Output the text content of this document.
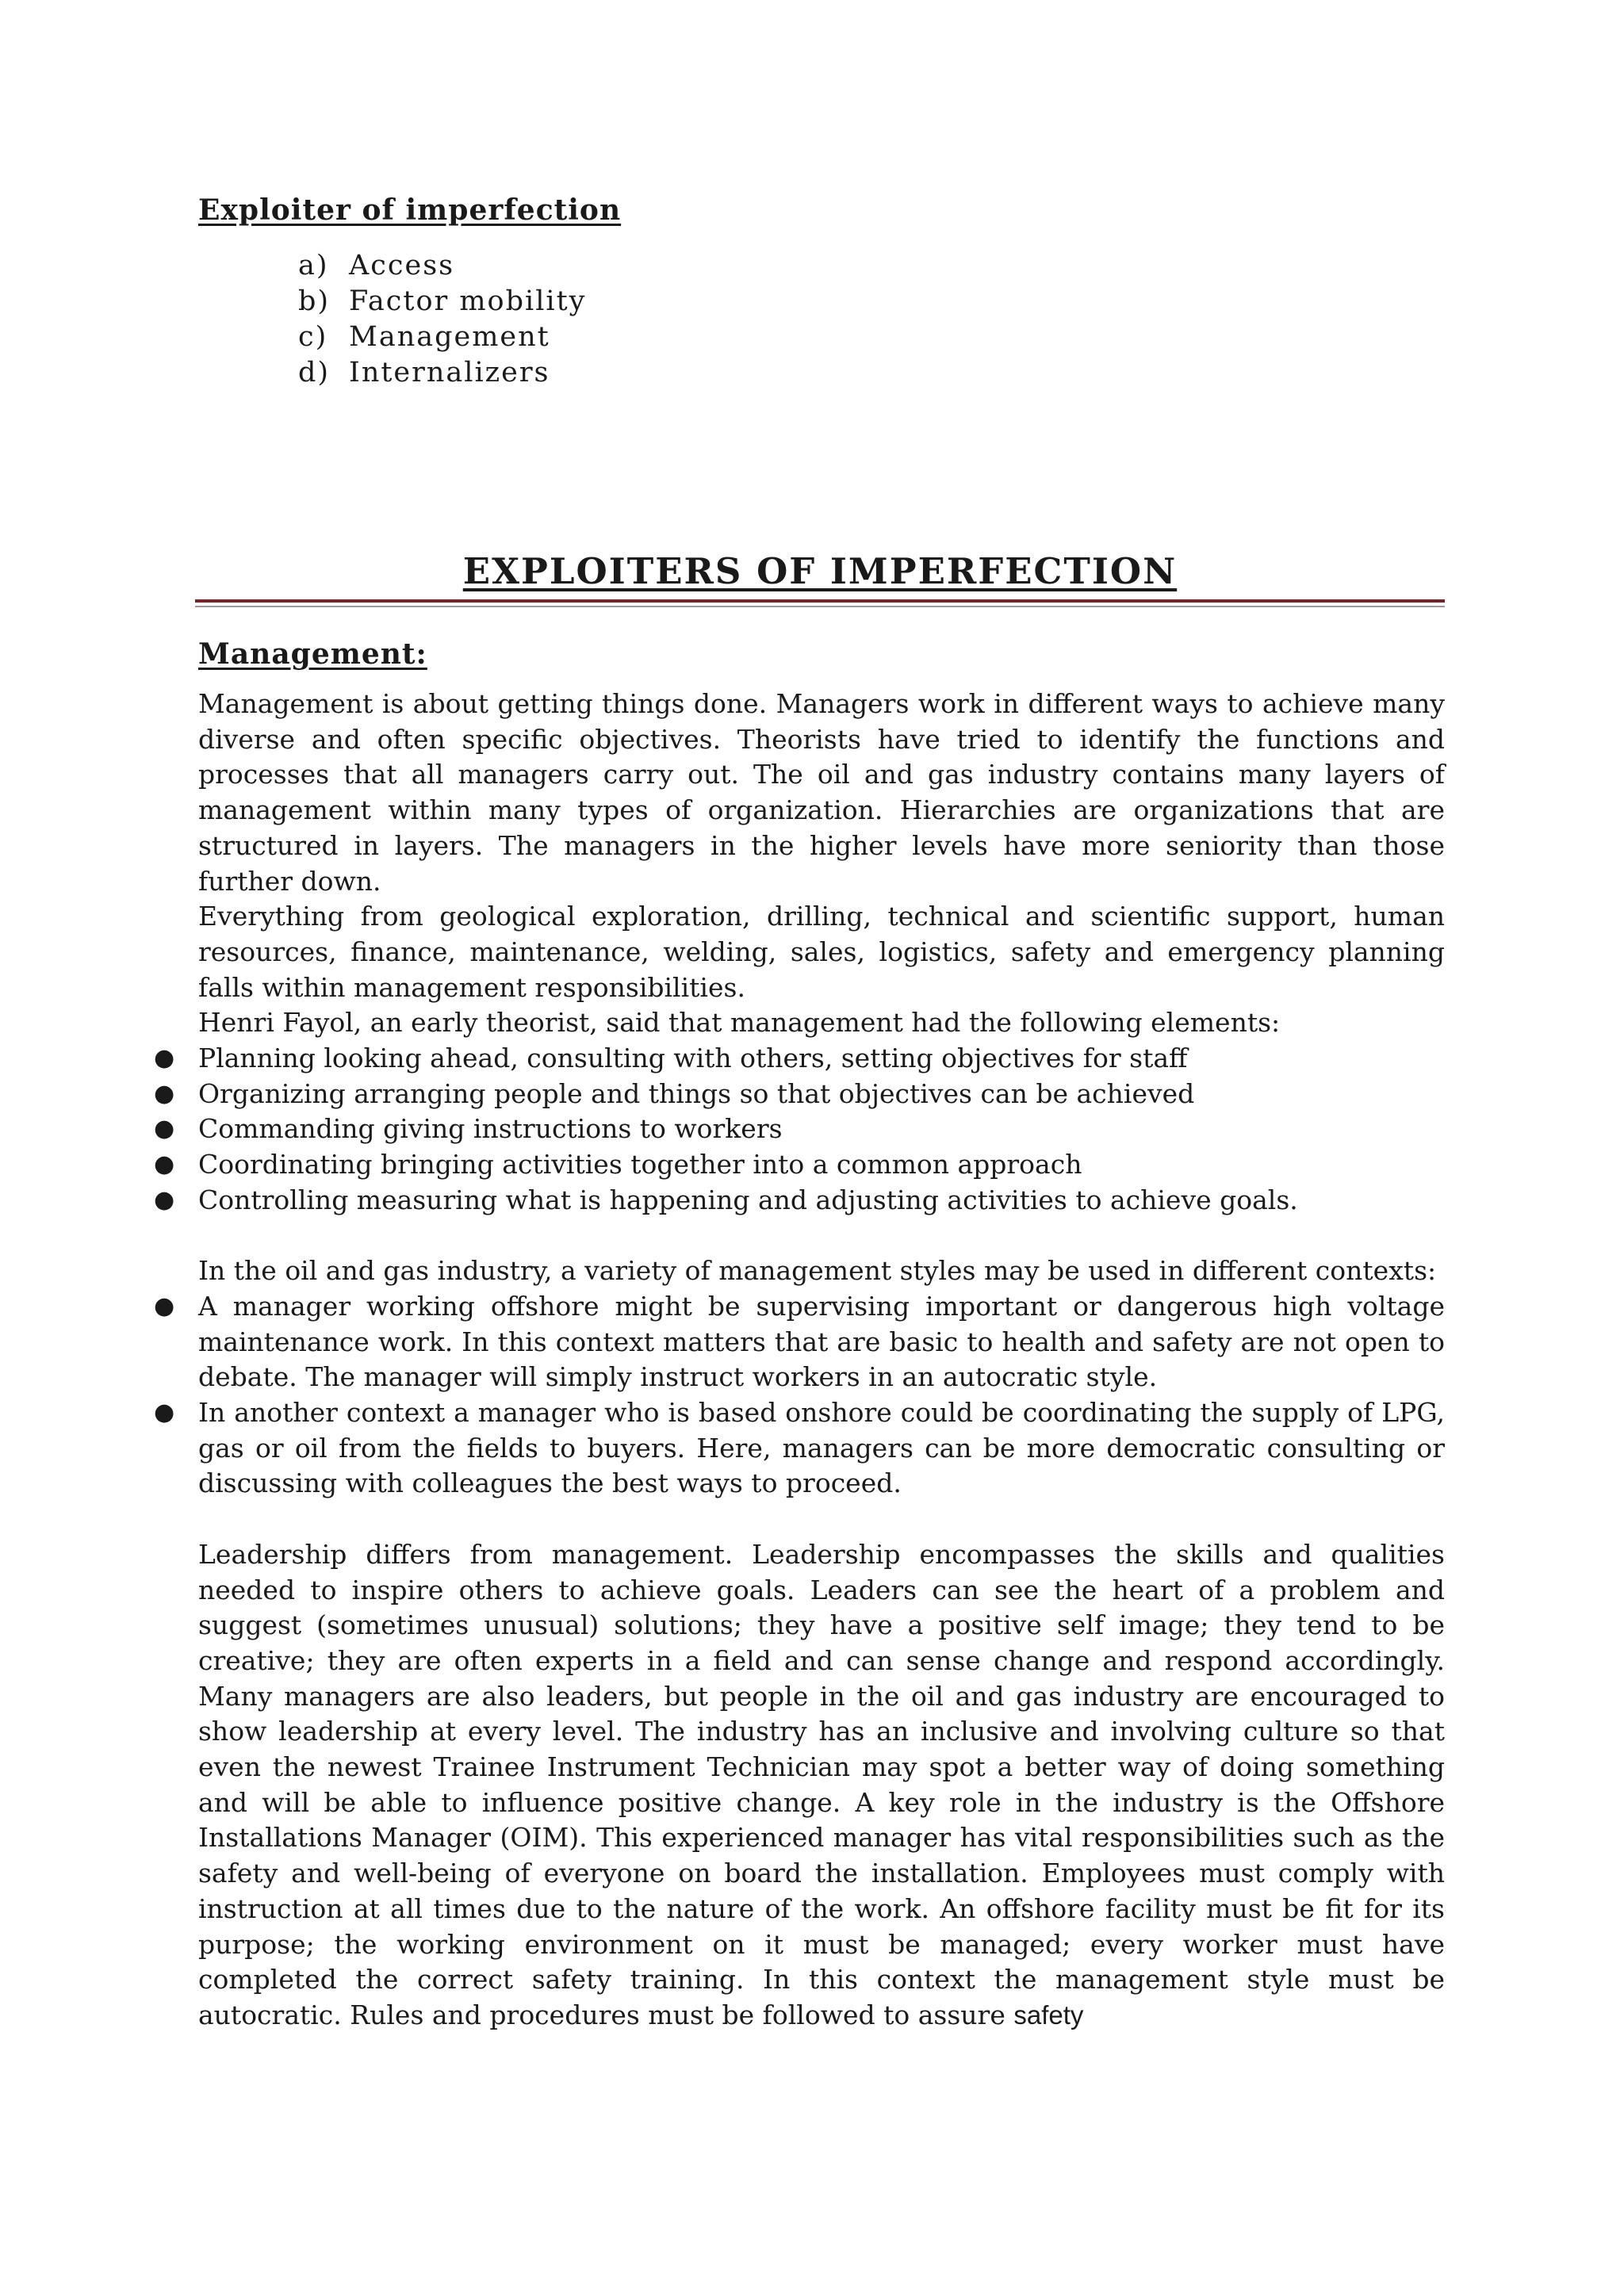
Exploiter of imperfection
a) Access
b) Factor mobility
c) Management
d) Internalizers
EXPLOITERS OF IMPERFECTION
Management:

Management is about getting things done. Managers work in different ways to achieve many diverse and often specific objectives. Theorists have tried to identify the functions and processes that all managers carry out. The oil and gas industry contains many layers of management within many types of organization. Hierarchies are organizations that are structured in layers. The managers in the higher levels have more seniority than those further down.

Everything from geological exploration, drilling, technical and scientific support, human resources, finance, maintenance, welding, sales, logistics, safety and emergency planning falls within management responsibilities.

Henri Fayol, an early theorist, said that management had the following elements:

● Planning looking ahead, consulting with others, setting objectives for staff
● Organizing arranging people and things so that objectives can be achieved
● Commanding giving instructions to workers
● Coordinating bringing activities together into a common approach
● Controlling measuring what is happening and adjusting activities to achieve goals.

In the oil and gas industry, a variety of management styles may be used in different contexts:

● A manager working offshore might be supervising important or dangerous high voltage maintenance work. In this context matters that are basic to health and safety are not open to debate. The manager will simply instruct workers in an autocratic style.
● In another context a manager who is based onshore could be coordinating the supply of LPG, gas or oil from the fields to buyers. Here, managers can be more democratic consulting or discussing with colleagues the best ways to proceed.

Leadership differs from management. Leadership encompasses the skills and qualities needed to inspire others to achieve goals. Leaders can see the heart of a problem and suggest (sometimes unusual) solutions; they have a positive self image; they tend to be creative; they are often experts in a field and can sense change and respond accordingly. Many managers are also leaders, but people in the oil and gas industry are encouraged to show leadership at every level. The industry has an inclusive and involving culture so that even the newest Trainee Instrument Technician may spot a better way of doing something and will be able to influence positive change. A key role in the industry is the Offshore Installations Manager (OIM). This experienced manager has vital responsibilities such as the safety and well-being of everyone on board the installation. Employees must comply with instruction at all times due to the nature of the work. An offshore facility must be fit for its purpose; the working environment on it must be managed; every worker must have completed the correct safety training. In this context the management style must be autocratic. Rules and procedures must be followed to assure safety
